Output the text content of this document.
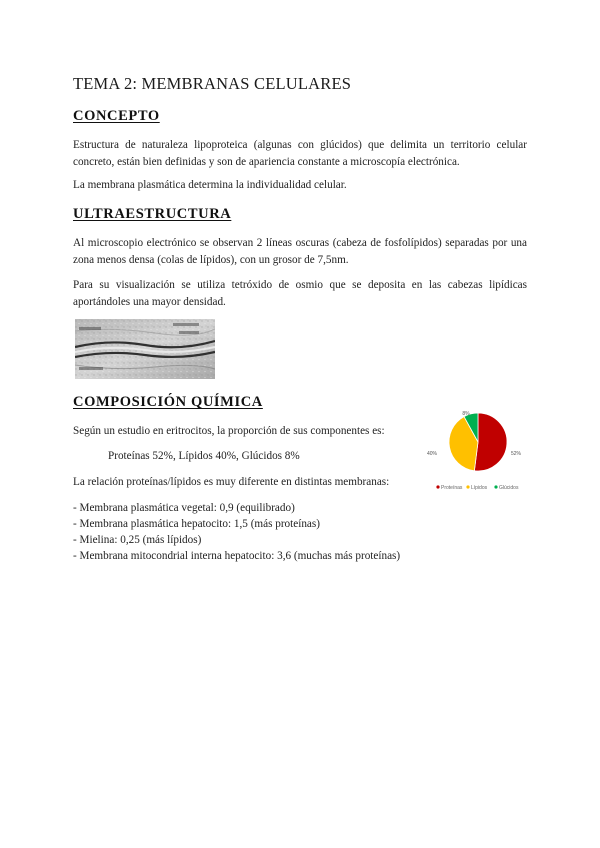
TEMA 2: MEMBRANAS CELULARES
CONCEPTO
Estructura de naturaleza lipoproteica (algunas con glúcidos) que delimita un territorio celular concreto, están bien definidas y son de apariencia constante a microscopía electrónica.
La membrana plasmática determina la individualidad celular.
ULTRAESTRUCTURA
Al microscopio electrónico se observan 2 líneas oscuras (cabeza de fosfolípidos) separadas por una zona menos densa (colas de lípidos), con un grosor de 7,5nm.
Para su visualización se utiliza tetróxido de osmio que se deposita en las cabezas lipídicas aportándoles una mayor densidad.
COMPOSICIÓN QUÍMICA
Según un estudio en eritrocitos, la proporción de sus componentes es:
Proteínas 52%, Lípidos 40%, Glúcidos 8%
La relación proteínas/lípidos es muy diferente en distintas membranas:
- Membrana plasmática vegetal: 0,9 (equilibrado)
- Membrana plasmática hepatocito: 1,5 (más proteínas)
- Mielina: 0,25 (más lípidos)
- Membrana mitocondrial interna hepatocito: 3,6 (muchas más proteínas)
52%
40%
8%
Proteínas Lípidos Glúcidos
